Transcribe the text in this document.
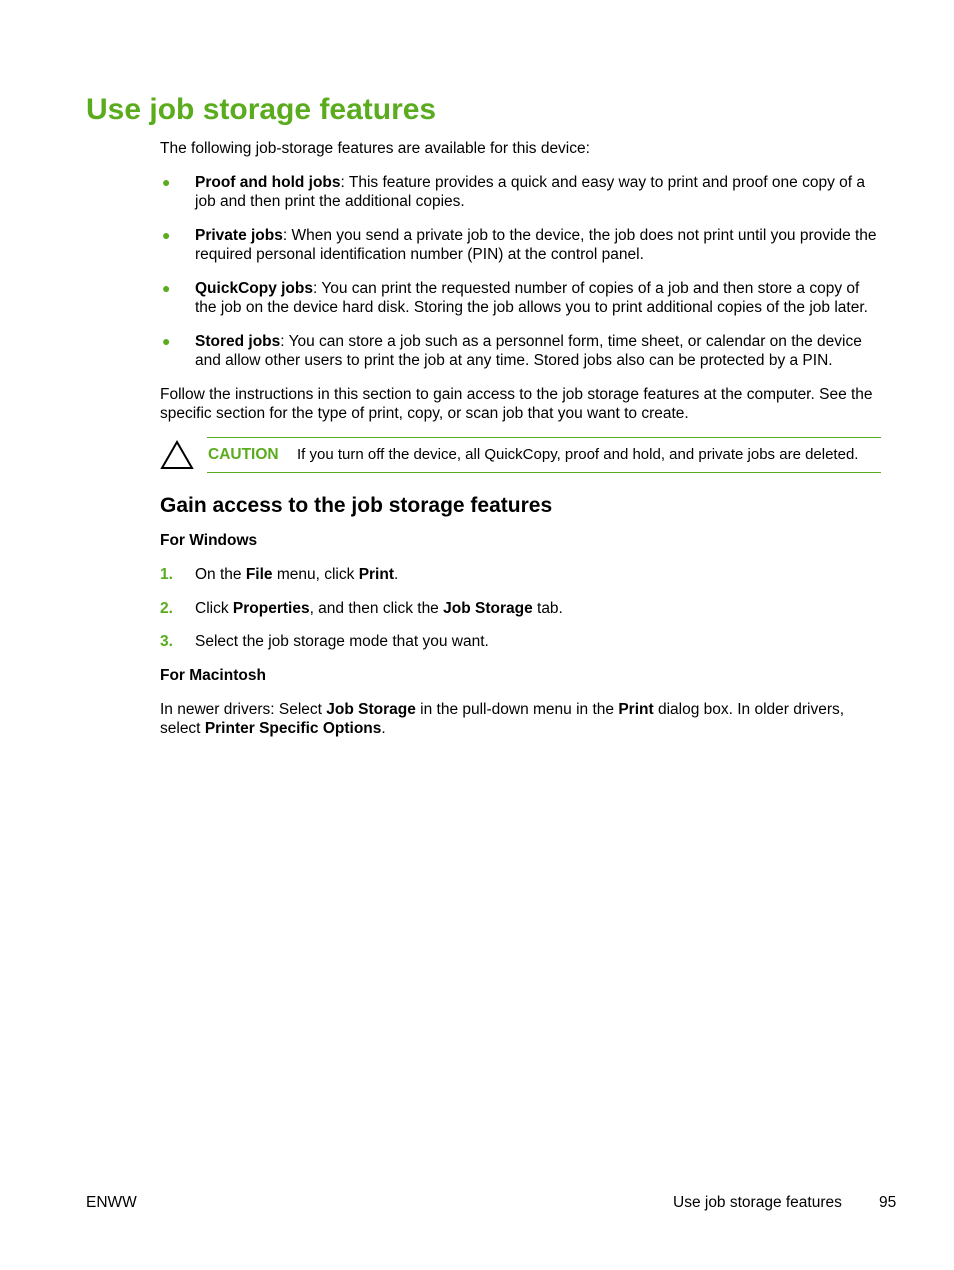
Use job storage features
The following job-storage features are available for this device:
● Proof and hold jobs: This feature provides a quick and easy way to print and proof one copy of a job and then print the additional copies.
● Private jobs: When you send a private job to the device, the job does not print until you provide the required personal identification number (PIN) at the control panel.
● QuickCopy jobs: You can print the requested number of copies of a job and then store a copy of the job on the device hard disk. Storing the job allows you to print additional copies of the job later.
● Stored jobs: You can store a job such as a personnel form, time sheet, or calendar on the device and allow other users to print the job at any time. Stored jobs also can be protected by a PIN.
Follow the instructions in this section to gain access to the job storage features at the computer. See the specific section for the type of print, copy, or scan job that you want to create.
CAUTION If you turn off the device, all QuickCopy, proof and hold, and private jobs are deleted.
Gain access to the job storage features
For Windows
1. On the File menu, click Print.
2. Click Properties, and then click the Job Storage tab.
3. Select the job storage mode that you want.
For Macintosh
In newer drivers: Select Job Storage in the pull-down menu in the Print dialog box. In older drivers, select Printer Specific Options.
ENWW	Use job storage features 95
